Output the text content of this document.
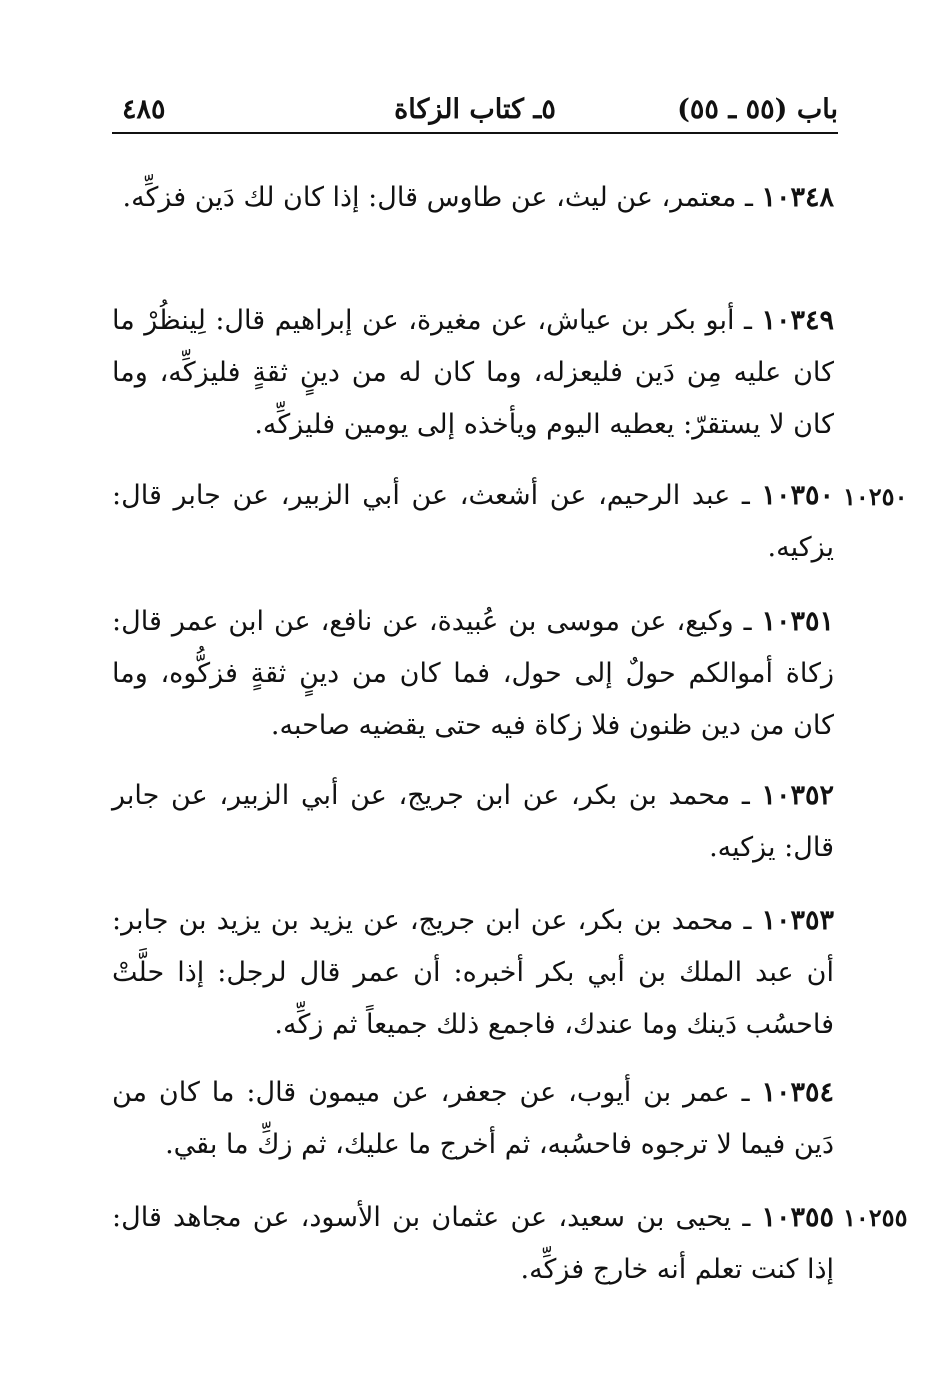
باب (٥٥ ـ ٥٥)
٥ـ كتاب الزكاة
٤٨٥
١٠٣٤٨ ـ معتمر، عن ليث، عن طاوس قال: إذا كان لك دَين فزكِّه.
١٠٣٤٩ ـ أبو بكر بن عياش، عن مغيرة، عن إبراهيم قال: لِينظُرْ ما كان عليه مِن دَين فليعزله، وما كان له من دينٍ ثقةٍ فليزكِّه، وما كان لا يستقرّ: يعطيه اليوم ويأخذه إلى يومين فليزكِّه.
١٠٣٥٠ ـ عبد الرحيم، عن أشعث، عن أبي الزبير، عن جابر قال: يزكيه.
١٠٢٥٠
١٠٣٥١ ـ وكيع، عن موسى بن عُبيدة، عن نافع، عن ابن عمر قال: زكاة أموالكم حولٌ إلى حول، فما كان من دينٍ ثقةٍ فزكُّوه، وما كان من دين ظنون فلا زكاة فيه حتى يقضيه صاحبه.
١٠٣٥٢ ـ محمد بن بكر، عن ابن جريج، عن أبي الزبير، عن جابر قال: يزكيه.
١٠٣٥٣ ـ محمد بن بكر، عن ابن جريج، عن يزيد بن يزيد بن جابر: أن عبد الملك بن أبي بكر أخبره: أن عمر قال لرجل: إذا حلَّتْ فاحسُب دَينك وما عندك، فاجمع ذلك جميعاً ثم زكِّه.
١٠٣٥٤ ـ عمر بن أيوب، عن جعفر، عن ميمون قال: ما كان من دَين فيما لا ترجوه فاحسُبه، ثم أخرج ما عليك، ثم زكِّ ما بقي.
١٠٣٥٥ ـ يحيى بن سعيد، عن عثمان بن الأسود، عن مجاهد قال: إذا كنت تعلم أنه خارج فزكِّه.
١٠٢٥٥
